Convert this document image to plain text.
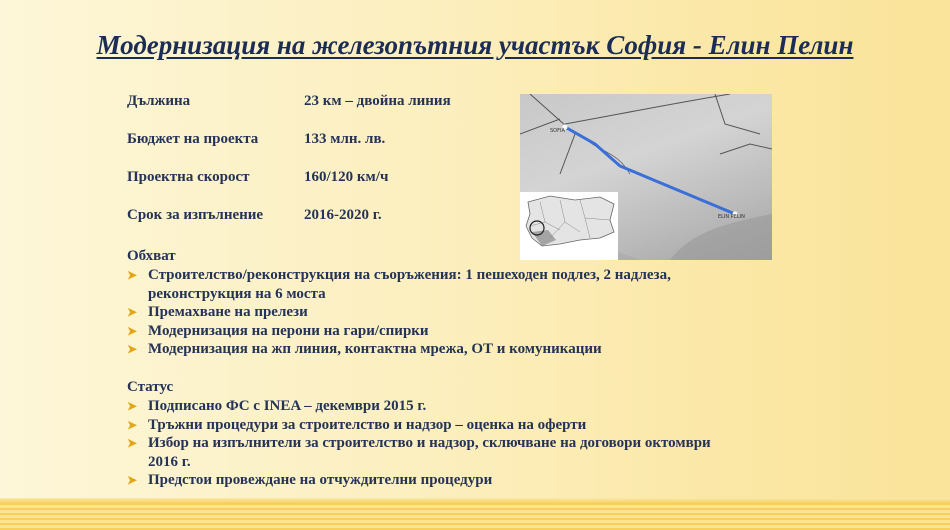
Модернизация на железопътния участък София - Елин Пелин
Дължина	23 км – двойна линия
Бюджет на проекта	133 млн. лв.
Проектна скорост	160/120 км/ч
Срок за изпълнение	2016-2020 г.
SOFIA
ELIN PELIN
Обхват
➤ Строителство/реконструкция на съоръжения: 1 пешеходен подлез, 2 надлеза, реконструкция на 6 моста
➤ Премахване на прелези
➤ Модернизация на перони на гари/спирки
➤ Модернизация на жп линия, контактна мрежа, ОТ и комуникации
Статус
➤ Подписано ФС с INEA – декември 2015 г.
➤ Тръжни процедури за строителство и надзор – оценка на оферти
➤ Избор на изпълнители за строителство и надзор, сключване на договори октомври 2016 г.
➤ Предстои провеждане на отчуждителни процедури
